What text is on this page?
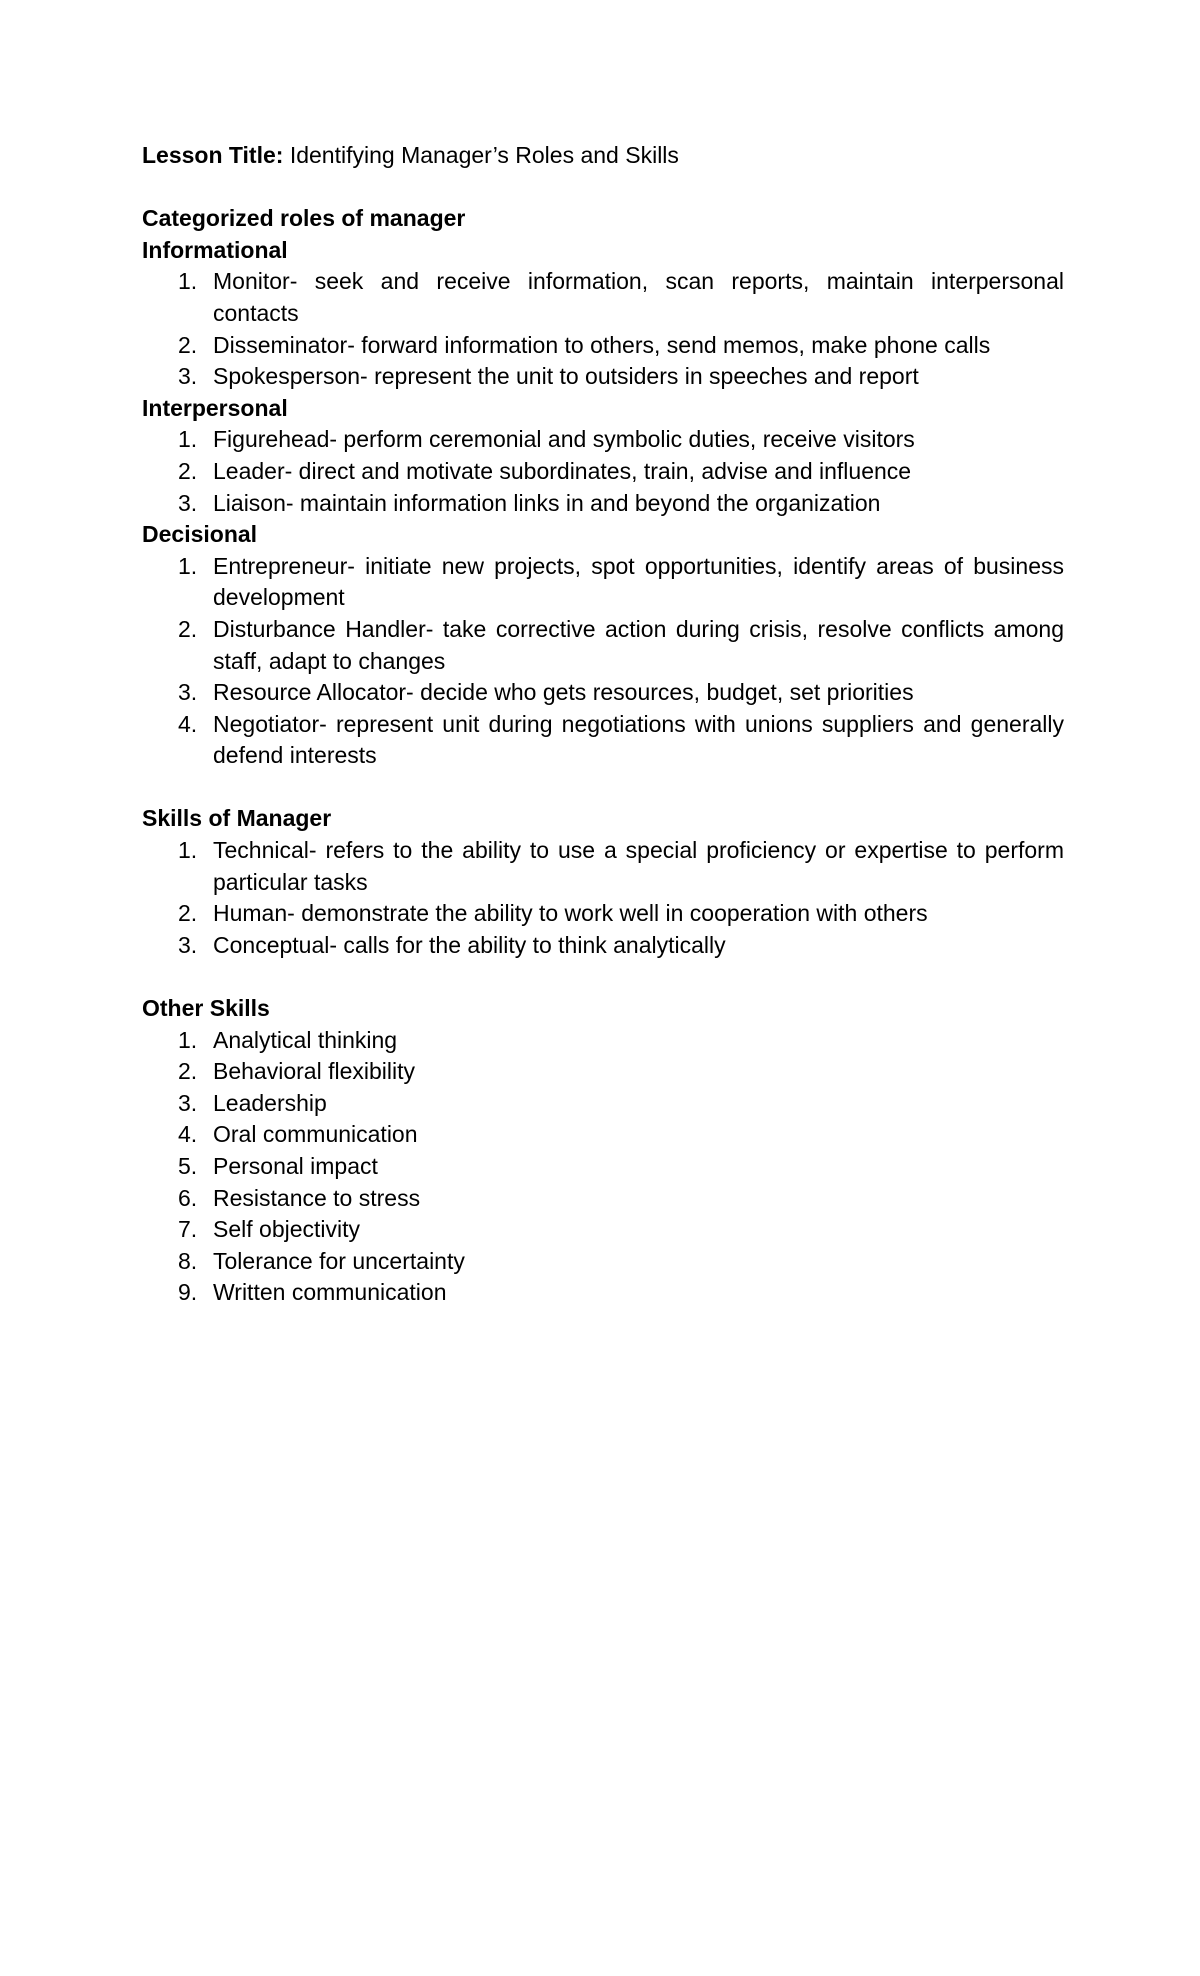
Lesson Title: Identifying Manager’s Roles and Skills

Categorized roles of manager

Informational

1. Monitor- seek and receive information, scan reports, maintain interpersonal contacts
2. Disseminator- forward information to others, send memos, make phone calls
3. Spokesperson- represent the unit to outsiders in speeches and report

Interpersonal

1. Figurehead- perform ceremonial and symbolic duties, receive visitors
2. Leader- direct and motivate subordinates, train, advise and influence
3. Liaison- maintain information links in and beyond the organization

Decisional

1. Entrepreneur- initiate new projects, spot opportunities, identify areas of business development
2. Disturbance Handler- take corrective action during crisis, resolve conflicts among staff, adapt to changes
3. Resource Allocator- decide who gets resources, budget, set priorities
4. Negotiator- represent unit during negotiations with unions suppliers and generally defend interests

Skills of Manager

1. Technical- refers to the ability to use a special proficiency or expertise to perform particular tasks
2. Human- demonstrate the ability to work well in cooperation with others
3. Conceptual- calls for the ability to think analytically

Other Skills

1. Analytical thinking
2. Behavioral flexibility
3. Leadership
4. Oral communication
5. Personal impact
6. Resistance to stress
7. Self objectivity
8. Tolerance for uncertainty
9. Written communication
